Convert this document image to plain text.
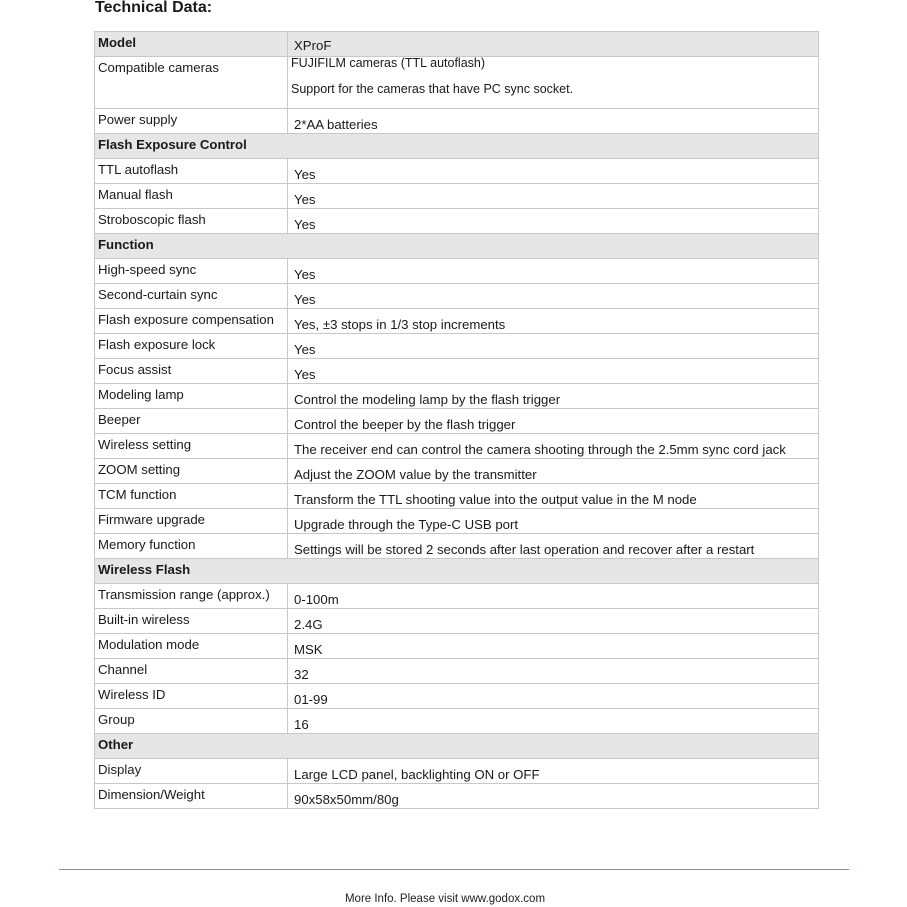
Technical Data:
Model	XProF
Compatible cameras	FUJIFILM cameras (TTL autoflash)
Support for the cameras that have PC sync socket.

Power supply	2*AA batteries
Flash Exposure Control	
TTL autoflash	Yes
Manual flash	Yes
Stroboscopic flash	Yes
Function	
High-speed sync	Yes
Second-curtain sync	Yes
Flash exposure compensation	Yes, ±3 stops in 1/3 stop increments
Flash exposure lock	Yes
Focus assist	Yes
Modeling lamp	Control the modeling lamp by the flash trigger
Beeper	Control the beeper by the flash trigger
Wireless setting	The receiver end can control the camera shooting through the 2.5mm sync cord jack
ZOOM setting	Adjust the ZOOM value by the transmitter
TCM function	Transform the TTL shooting value into the output value in the M node
Firmware upgrade	Upgrade through the Type-C USB port
Memory function	Settings will be stored 2 seconds after last operation and recover after a restart
Wireless Flash	
Transmission range (approx.)	0-100m
Built-in wireless	2.4G
Modulation mode	MSK
Channel	32
Wireless ID	01-99
Group	16
Other	
Display	Large LCD panel, backlighting ON or OFF
Dimension/Weight	90x58x50mm/80g
More Info. Please visit www.godox.com
